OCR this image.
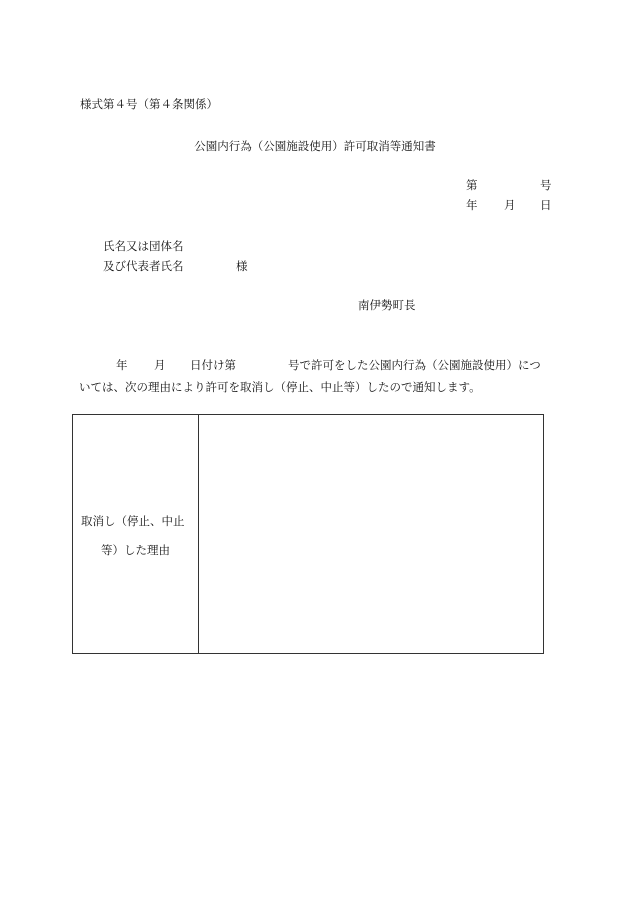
様式第４号（第４条関係）
公園内行為（公園施設使用）許可取消等通知書
第	号
年 月 日
氏名又は団体名
及び代表者氏名	様
南伊勢町長
年 月 日付け第	号で許可をした公園内行為（公園施設使用）につ
いては、次の理由により許可を取消し（停止、中止等）したので通知します。
取消し（停止、中止
等）した理由
